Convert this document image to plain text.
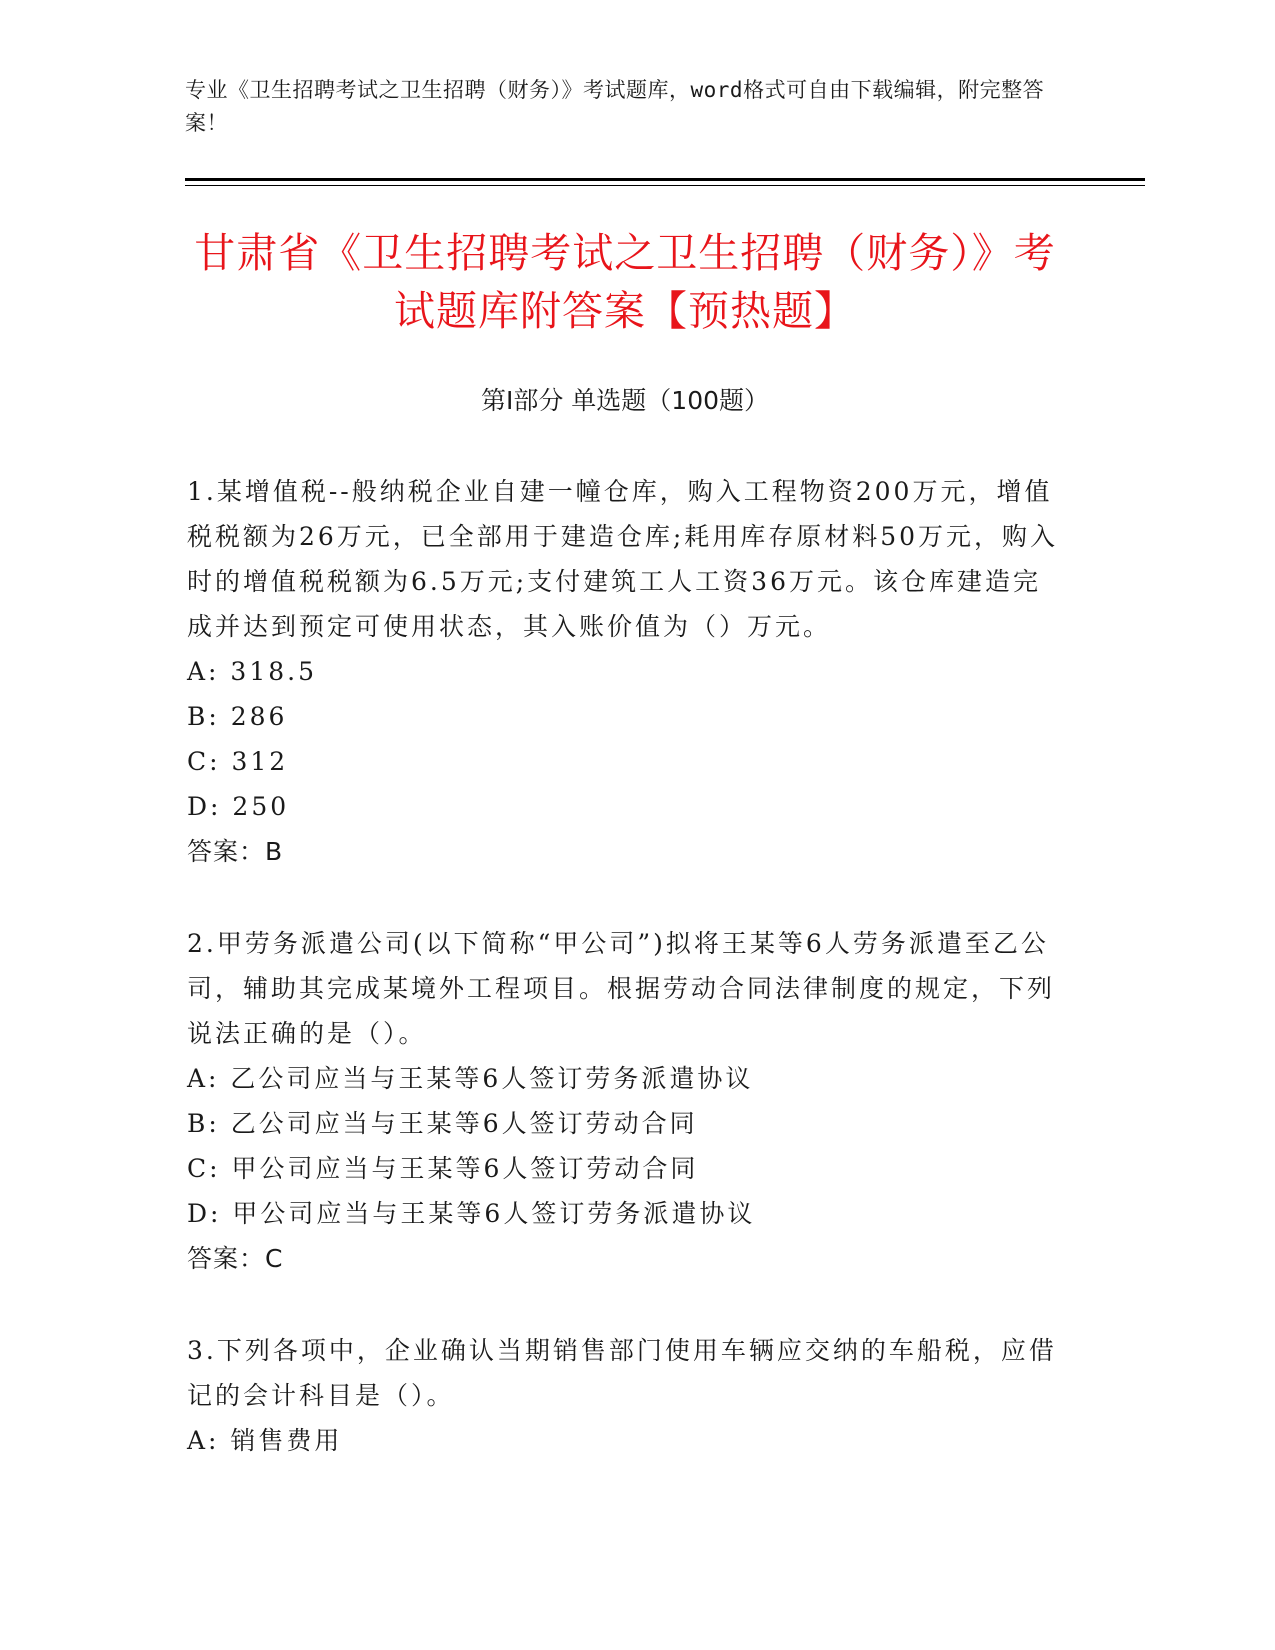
专业《卫生招聘考试之卫生招聘（财务）》考试题库，word格式可自由下载编辑，附完整答案！
甘肃省《卫生招聘考试之卫生招聘（财务）》考试题库附答案【预热题】
第Ⅰ部分 单选题（100题）
1.某增值税--般纳税企业自建一幢仓库，购入工程物资200万元，增值税税额为26万元，已全部用于建造仓库;耗用库存原材料50万元，购入时的增值税税额为6.5万元;支付建筑工人工资36万元。该仓库建造完成并达到预定可使用状态，其入账价值为（）万元。
A: 318.5
B: 286
C: 312
D: 250
答案：B
2.甲劳务派遣公司(以下简称“甲公司”)拟将王某等6人劳务派遣至乙公司，辅助其完成某境外工程项目。根据劳动合同法律制度的规定，下列说法正确的是（）。
A: 乙公司应当与王某等6人签订劳务派遣协议
B: 乙公司应当与王某等6人签订劳动合同
C: 甲公司应当与王某等6人签订劳动合同
D: 甲公司应当与王某等6人签订劳务派遣协议
答案：C
3.下列各项中，企业确认当期销售部门使用车辆应交纳的车船税，应借记的会计科目是（）。
A: 销售费用
